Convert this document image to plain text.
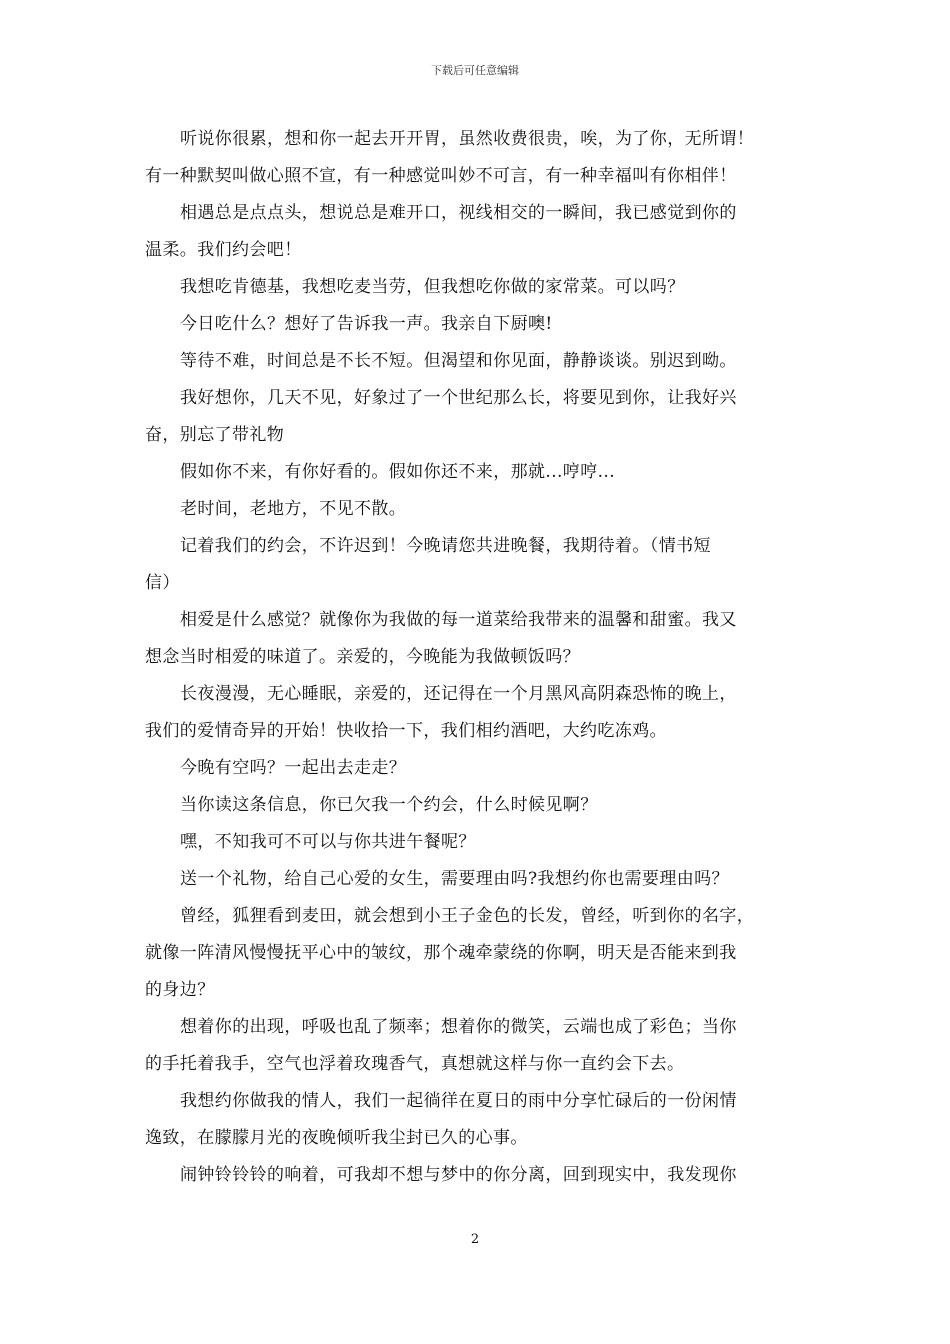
下载后可任意编辑
听说你很累，想和你一起去开开胃，虽然收费很贵，唉，为了你，无所谓！
有一种默契叫做心照不宣，有一种感觉叫妙不可言，有一种幸福叫有你相伴！
相遇总是点点头，想说总是难开口，视线相交的一瞬间，我已感觉到你的
温柔。我们约会吧！
我想吃肯德基，我想吃麦当劳，但我想吃你做的家常菜。可以吗？
今日吃什么？想好了告诉我一声。我亲自下厨噢!
等待不难，时间总是不长不短。但渴望和你见面，静静谈谈。别迟到呦。
我好想你，几天不见，好象过了一个世纪那么长，将要见到你，让我好兴
奋，别忘了带礼物
假如你不来，有你好看的。假如你还不来，那就...哼哼...
老时间，老地方，不见不散。
记着我们的约会，不许迟到！今晚请您共进晚餐，我期待着。（情书短
信）
相爱是什么感觉？就像你为我做的每一道菜给我带来的温馨和甜蜜。我又
想念当时相爱的味道了。亲爱的，今晚能为我做顿饭吗？
长夜漫漫，无心睡眠，亲爱的，还记得在一个月黑风高阴森恐怖的晚上，
我们的爱情奇异的开始！快收拾一下，我们相约酒吧，大约吃冻鸡。
今晚有空吗？一起出去走走？
当你读这条信息，你已欠我一个约会，什么时候见啊？
嘿，不知我可不可以与你共进午餐呢？
送一个礼物，给自己心爱的女生，需要理由吗?我想约你也需要理由吗？
曾经，狐狸看到麦田，就会想到小王子金色的长发，曾经，听到你的名字，
就像一阵清风慢慢抚平心中的皱纹，那个魂牵蒙绕的你啊，明天是否能来到我
的身边？
想着你的出现，呼吸也乱了频率；想着你的微笑，云端也成了彩色；当你
的手托着我手，空气也浮着玫瑰香气，真想就这样与你一直约会下去。
我想约你做我的情人，我们一起徜徉在夏日的雨中分享忙碌后的一份闲情
逸致，在朦朦月光的夜晚倾听我尘封已久的心事。
闹钟铃铃铃的响着，可我却不想与梦中的你分离，回到现实中，我发现你
2
